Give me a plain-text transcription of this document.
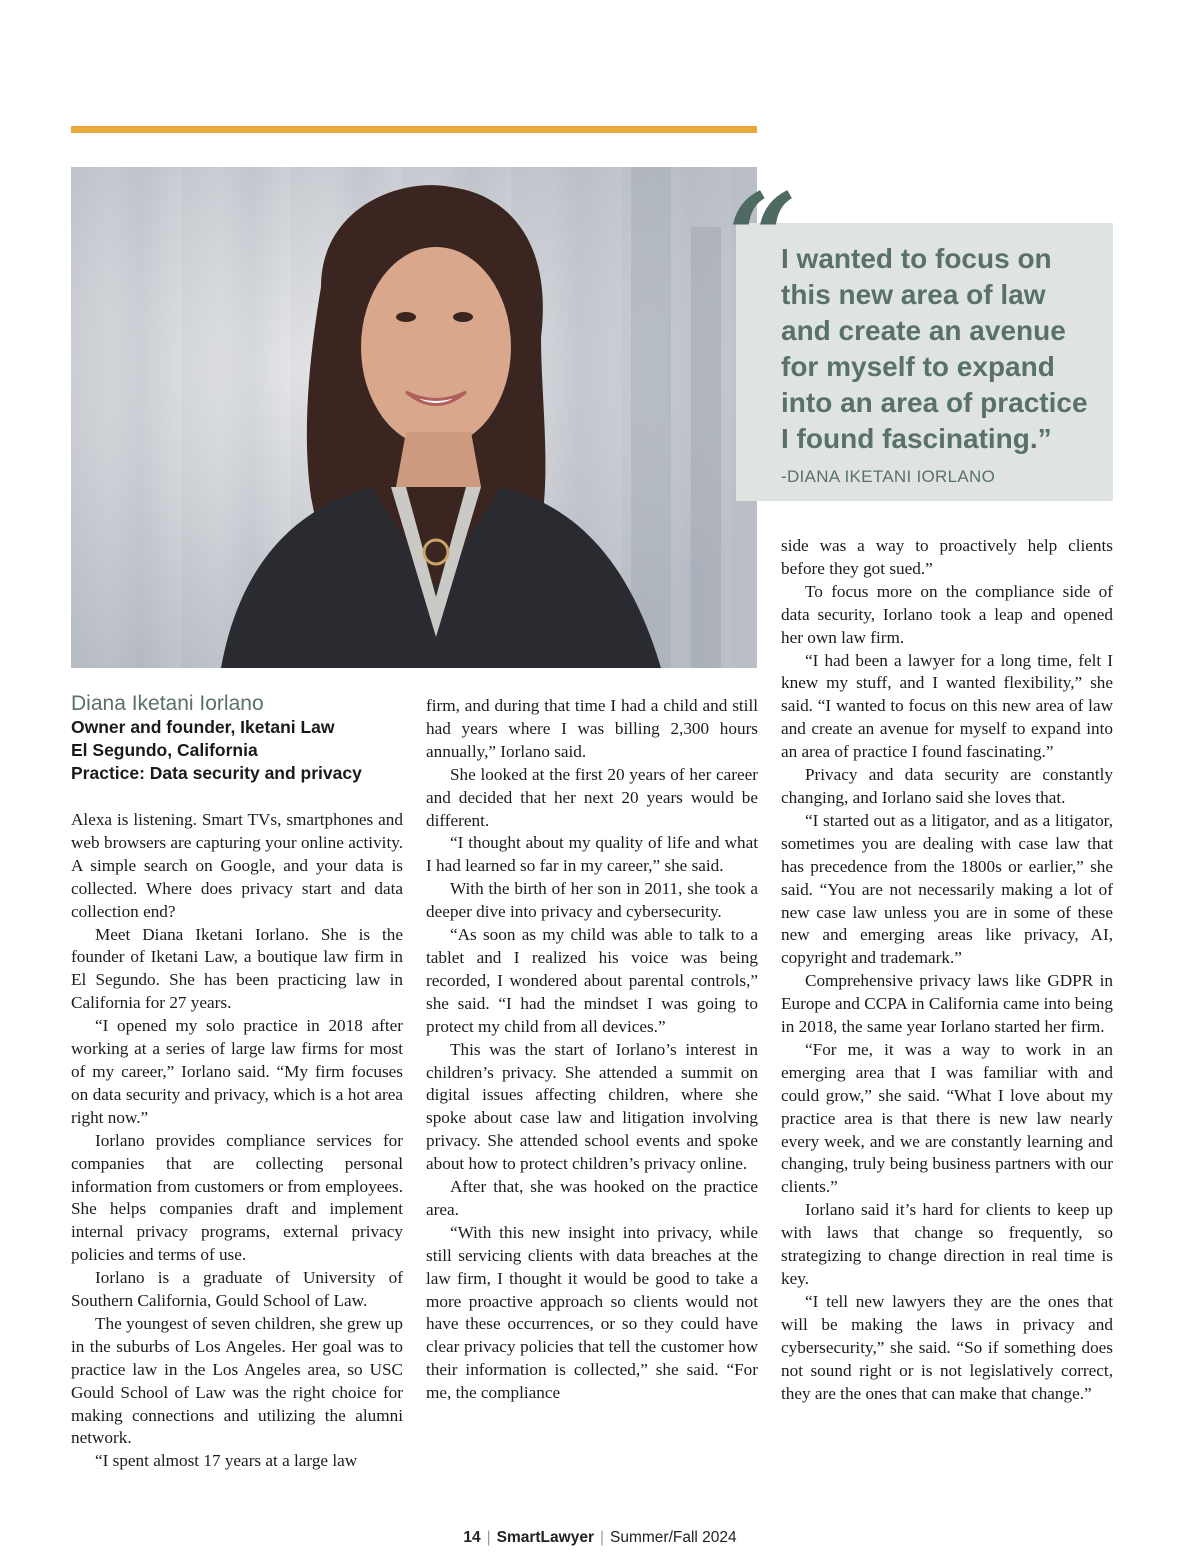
“
I wanted to focus on this new area of law and create an avenue for myself to expand into an area of practice I found fascinating.”
-DIANA IKETANI IORLANO
Diana Iketani Iorlano
Owner and founder, Iketani Law
El Segundo, California
Practice: Data security and privacy

Alexa is listening. Smart TVs, smartphones and web browsers are capturing your online activity. A simple search on Google, and your data is collected. Where does privacy start and data collection end?

Meet Diana Iketani Iorlano. She is the founder of Iketani Law, a boutique law firm in El Segundo. She has been practicing law in California for 27 years.

“I opened my solo practice in 2018 after working at a series of large law firms for most of my career,” Iorlano said. “My firm focuses on data security and privacy, which is a hot area right now.”

Iorlano provides compliance services for companies that are collecting personal information from customers or from employees. She helps companies draft and implement internal privacy programs, external privacy policies and terms of use.

Iorlano is a graduate of University of Southern California, Gould School of Law.

The youngest of seven children, she grew up in the suburbs of Los Angeles. Her goal was to practice law in the Los Angeles area, so USC Gould School of Law was the right choice for making connections and utilizing the alumni network.

“I spent almost 17 years at a large law

firm, and during that time I had a child and still had years where I was billing 2,300 hours annually,” Iorlano said.

She looked at the first 20 years of her career and decided that her next 20 years would be different.

“I thought about my quality of life and what I had learned so far in my career,” she said.

With the birth of her son in 2011, she took a deeper dive into privacy and cybersecurity.

“As soon as my child was able to talk to a tablet and I realized his voice was being recorded, I wondered about parental controls,” she said. “I had the mindset I was going to protect my child from all devices.”

This was the start of Iorlano’s interest in children’s privacy. She attended a summit on digital issues affecting children, where she spoke about case law and litigation involving privacy. She attended school events and spoke about how to protect children’s privacy online.

After that, she was hooked on the practice area.

“With this new insight into privacy, while still servicing clients with data breaches at the law firm, I thought it would be good to take a more proactive approach so clients would not have these occurrences, or so they could have clear privacy policies that tell the customer how their information is collected,” she said. “For me, the compliance

side was a way to proactively help clients before they got sued.”

To focus more on the compliance side of data security, Iorlano took a leap and opened her own law firm.

“I had been a lawyer for a long time, felt I knew my stuff, and I wanted flexibility,” she said. “I wanted to focus on this new area of law and create an avenue for myself to expand into an area of practice I found fascinating.”

Privacy and data security are constantly changing, and Iorlano said she loves that.

“I started out as a litigator, and as a litigator, sometimes you are dealing with case law that has precedence from the 1800s or earlier,” she said. “You are not necessarily making a lot of new case law unless you are in some of these new and emerging areas like privacy, AI, copyright and trademark.”

Comprehensive privacy laws like GDPR in Europe and CCPA in California came into being in 2018, the same year Iorlano started her firm.

“For me, it was a way to work in an emerging area that I was familiar with and could grow,” she said. “What I love about my practice area is that there is new law nearly every week, and we are constantly learning and changing, truly being business partners with our clients.”

Iorlano said it’s hard for clients to keep up with laws that change so frequently, so strategizing to change direction in real time is key.

“I tell new lawyers they are the ones that will be making the laws in privacy and cybersecurity,” she said. “So if something does not sound right or is not legislatively correct, they are the ones that can make that change.”

14 | SmartLawyer | Summer/Fall 2024
